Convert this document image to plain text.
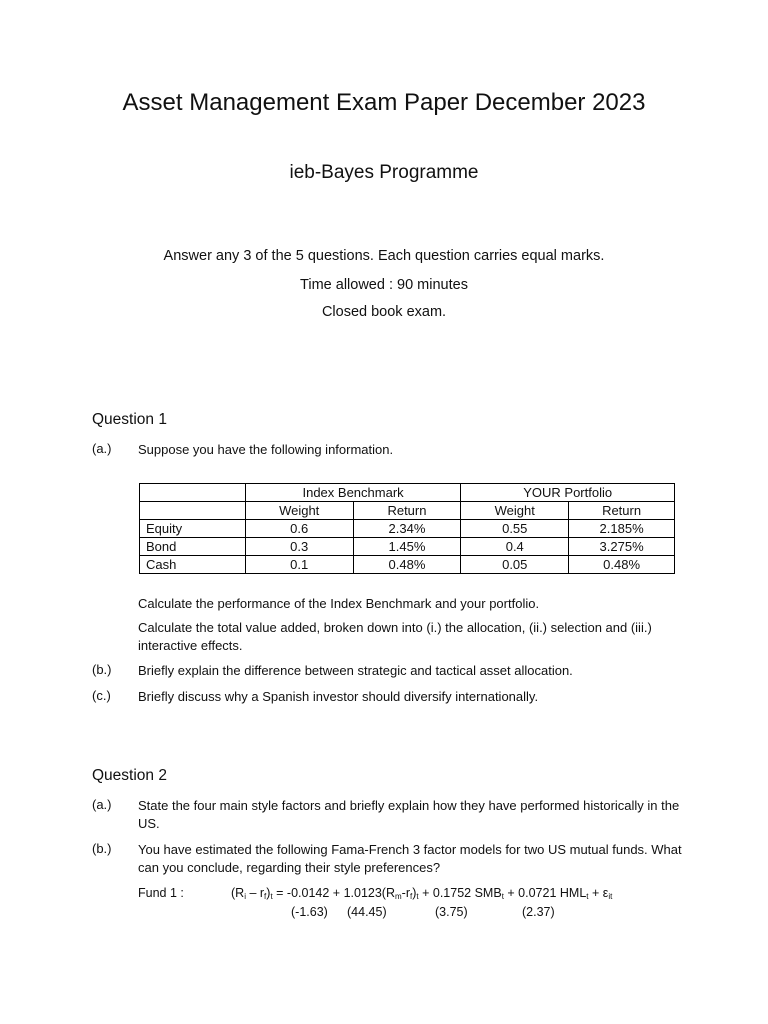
Asset Management Exam Paper December 2023
ieb-Bayes Programme
Answer any 3 of the 5 questions. Each question carries equal marks.
Time allowed : 90 minutes
Closed book exam.
Question 1
(a.) Suppose you have the following information.
	Index Benchmark		YOUR Portfolio	
	Weight	Return	Weight	Return
Equity	0.6	2.34%	0.55	2.185%
Bond	0.3	1.45%	0.4	3.275%
Cash	0.1	0.48%	0.05	0.48%
Calculate the performance of the Index Benchmark and your portfolio.
Calculate the total value added, broken down into (i.) the allocation, (ii.) selection and (iii.) interactive effects.
(b.) Briefly explain the difference between strategic and tactical asset allocation.
(c.) Briefly discuss why a Spanish investor should diversify internationally.
Question 2
(a.) State the four main style factors and briefly explain how they have performed historically in the US.
(b.) You have estimated the following Fama-French 3 factor models for two US mutual funds. What can you conclude, regarding their style preferences?
Fund 1 :	$(R_i - r_f)_t = -0.0142 + 1.0123(R_m-r_f)_t + 0.1752$ $SMB_t + 0.0721$ $HML_t + \varepsilon_{it}$
(-1.63) (44.45)	(3.75)	(2.37)
